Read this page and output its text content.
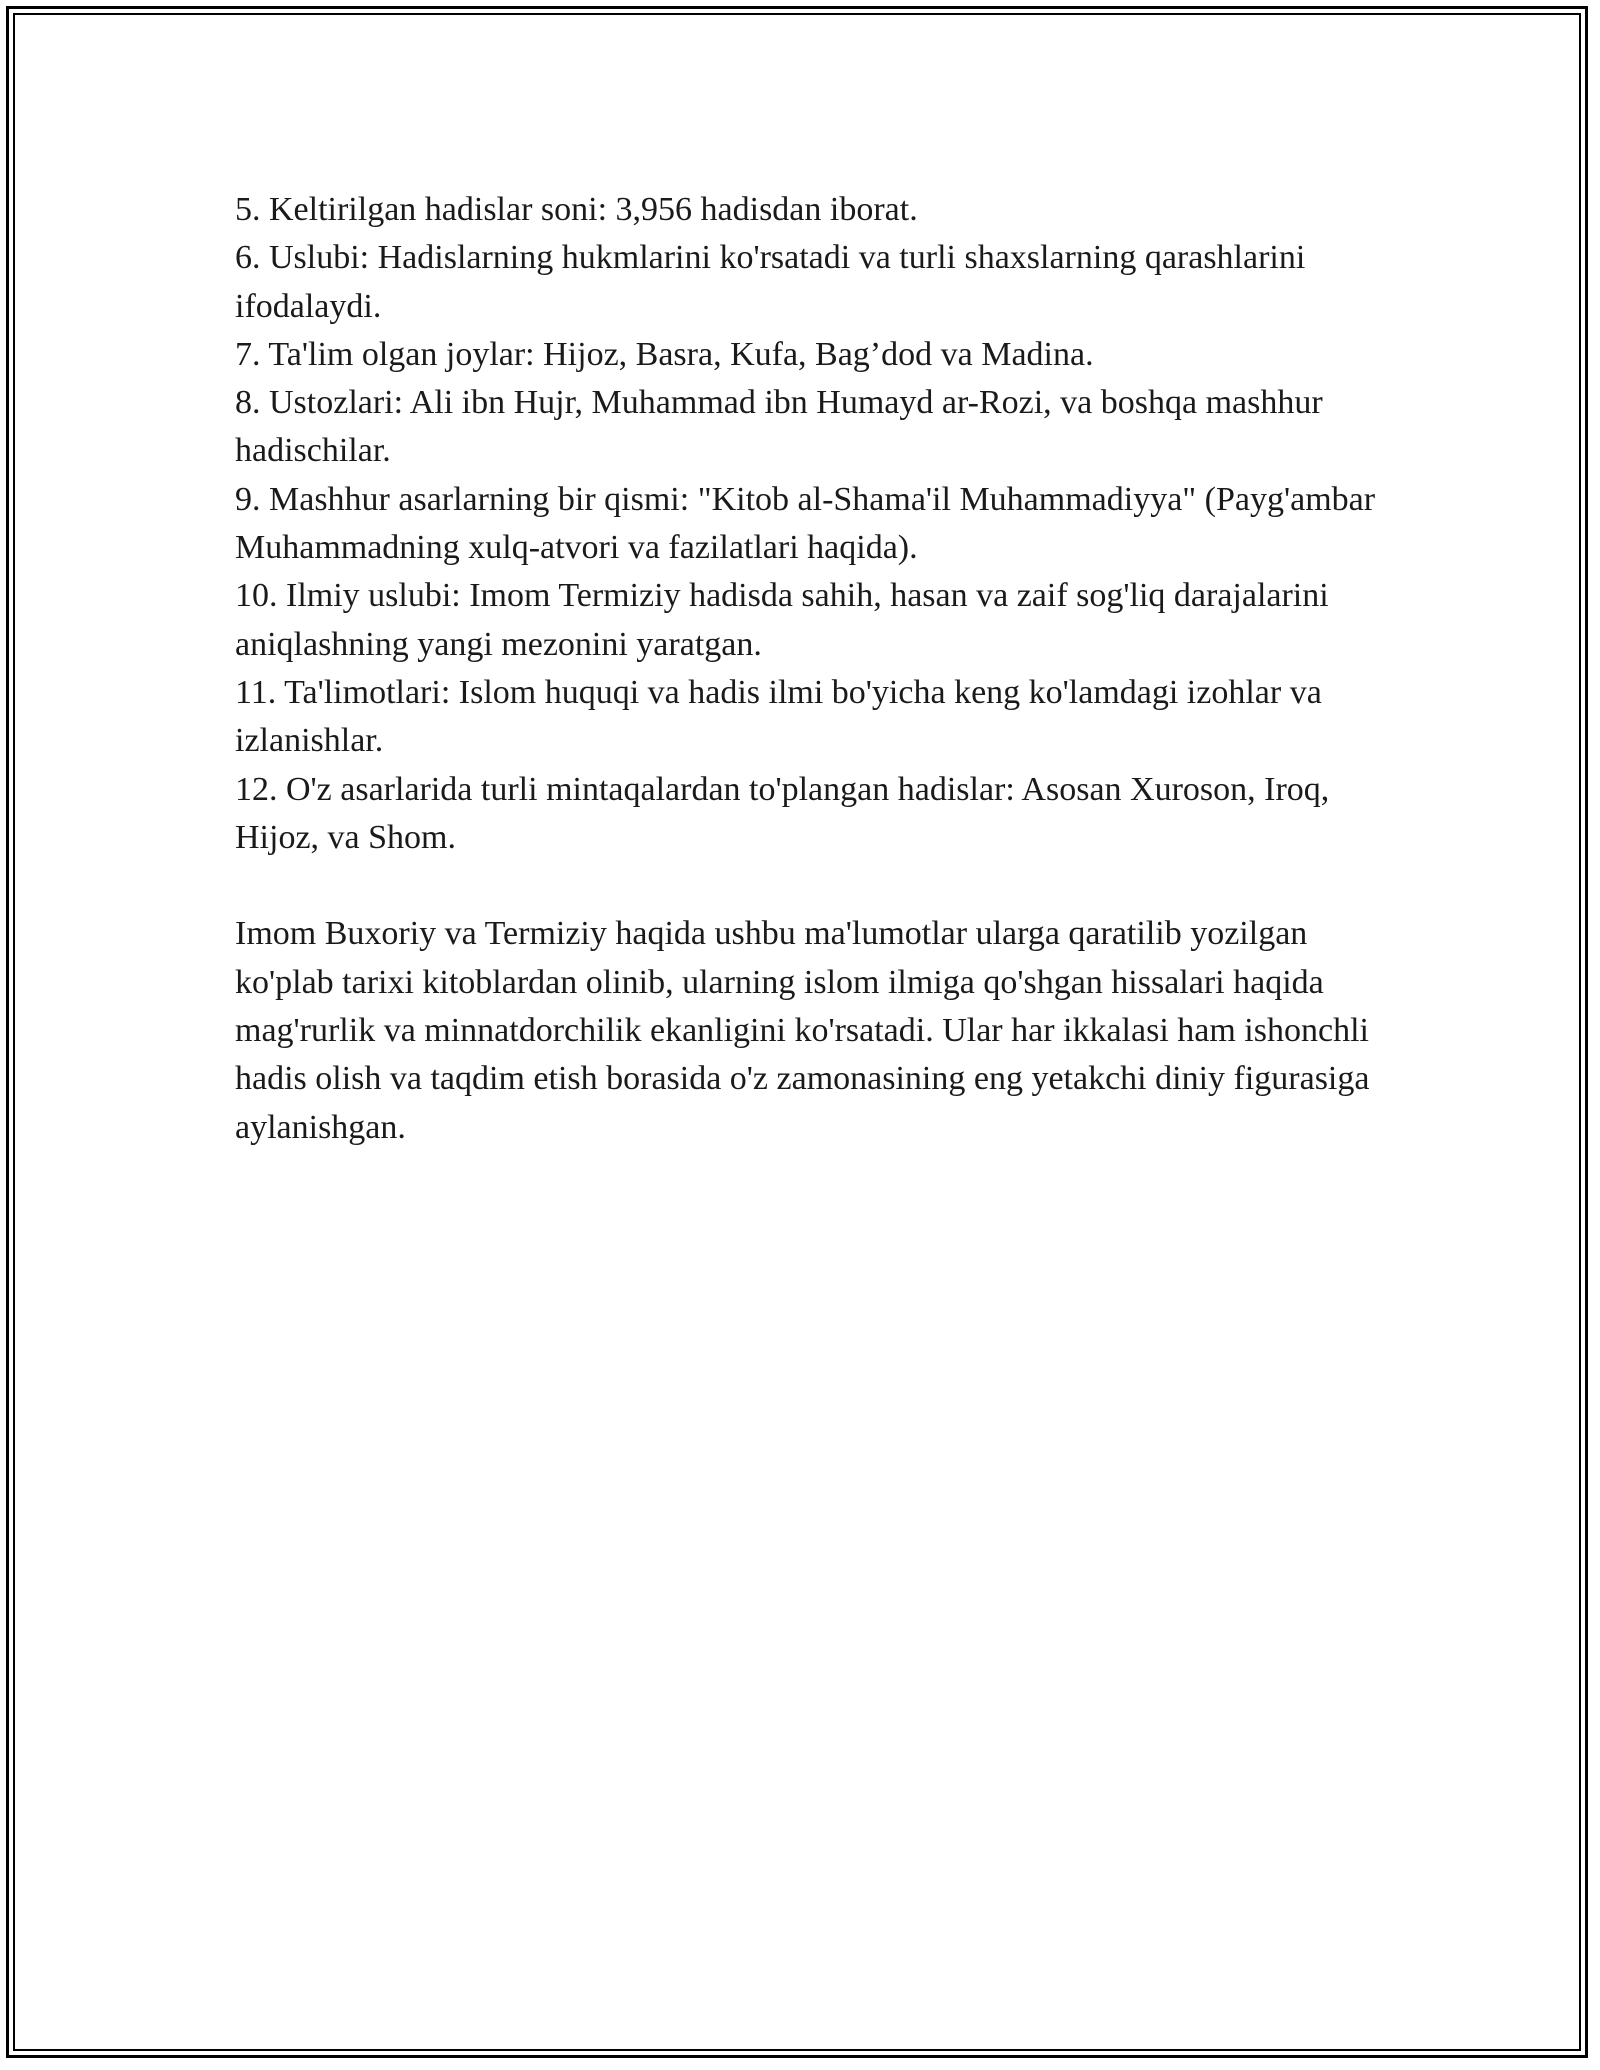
5. Keltirilgan hadislar soni: 3,956 hadisdan iborat.

6. Uslubi: Hadislarning hukmlarini ko'rsatadi va turli shaxslarning qarashlarini ifodalaydi.

7. Ta'lim olgan joylar: Hijoz, Basra, Kufa, Bag’dod va Madina.

8. Ustozlari: Ali ibn Hujr, Muhammad ibn Humayd ar-Rozi, va boshqa mashhur hadischilar.

9. Mashhur asarlarning bir qismi: "Kitob al-Shama'il Muhammadiyya" (Payg'ambar Muhammadning xulq-atvori va fazilatlari haqida).

10. Ilmiy uslubi: Imom Termiziy hadisda sahih, hasan va zaif sog'liq darajalarini aniqlashning yangi mezonini yaratgan.

11. Ta'limotlari: Islom huquqi va hadis ilmi bo'yicha keng ko'lamdagi izohlar va izlanishlar.

12. O'z asarlarida turli mintaqalardan to'plangan hadislar: Asosan Xuroson, Iroq, Hijoz, va Shom.

Imom Buxoriy va Termiziy haqida ushbu ma'lumotlar ularga qaratilib yozilgan ko'plab tarixi kitoblardan olinib, ularning islom ilmiga qo'shgan hissalari haqida mag'rurlik va minnatdorchilik ekanligini ko'rsatadi. Ular har ikkalasi ham ishonchli hadis olish va taqdim etish borasida o'z zamonasining eng yetakchi diniy figurasiga aylanishgan.
